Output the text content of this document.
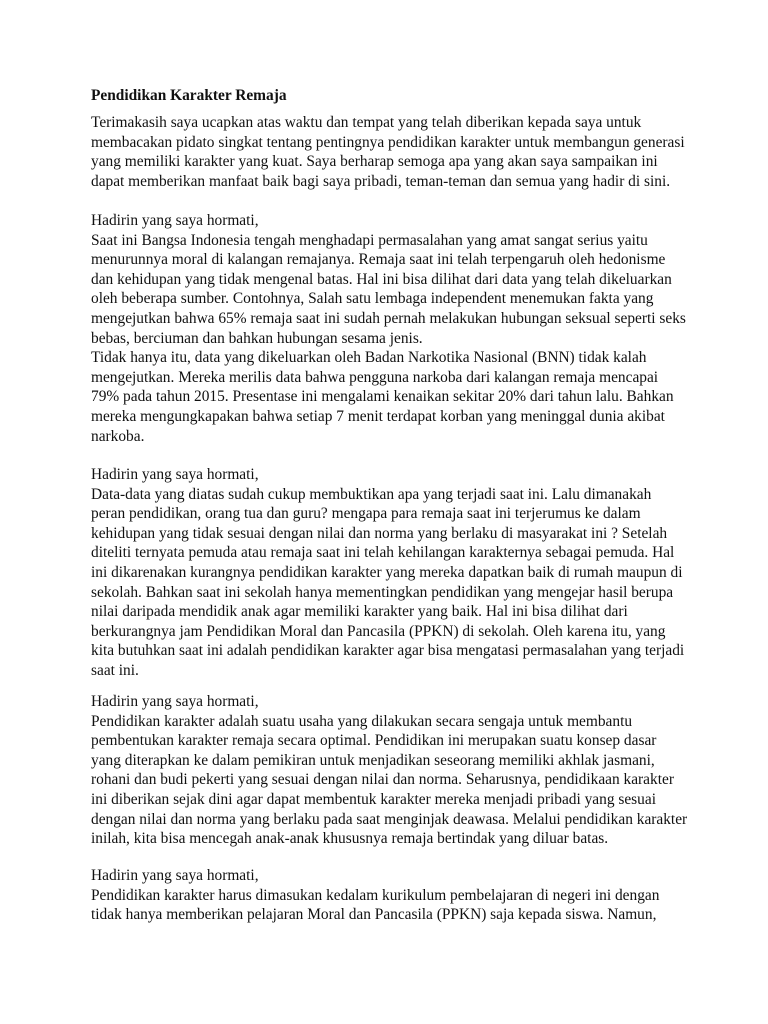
Pendidikan Karakter Remaja

Terimakasih saya ucapkan atas waktu dan tempat yang telah diberikan kepada saya untuk
membacakan pidato singkat tentang pentingnya pendidikan karakter untuk membangun generasi
yang memiliki karakter yang kuat. Saya berharap semoga apa yang akan saya sampaikan ini
dapat memberikan manfaat baik bagi saya pribadi, teman-teman dan semua yang hadir di sini.

Hadirin yang saya hormati,
Saat ini Bangsa Indonesia tengah menghadapi permasalahan yang amat sangat serius yaitu
menurunnya moral di kalangan remajanya. Remaja saat ini telah terpengaruh oleh hedonisme
dan kehidupan yang tidak mengenal batas. Hal ini bisa dilihat dari data yang telah dikeluarkan
oleh beberapa sumber. Contohnya, Salah satu lembaga independent menemukan fakta yang
mengejutkan bahwa 65% remaja saat ini sudah pernah melakukan hubungan seksual seperti seks
bebas, berciuman dan bahkan hubungan sesama jenis.
Tidak hanya itu, data yang dikeluarkan oleh Badan Narkotika Nasional (BNN) tidak kalah
mengejutkan. Mereka merilis data bahwa pengguna narkoba dari kalangan remaja mencapai
79% pada tahun 2015. Presentase ini mengalami kenaikan sekitar 20% dari tahun lalu. Bahkan
mereka mengungkapakan bahwa setiap 7 menit terdapat korban yang meninggal dunia akibat
narkoba.

Hadirin yang saya hormati,
Data-data yang diatas sudah cukup membuktikan apa yang terjadi saat ini. Lalu dimanakah
peran pendidikan, orang tua dan guru? mengapa para remaja saat ini terjerumus ke dalam
kehidupan yang tidak sesuai dengan nilai dan norma yang berlaku di masyarakat ini ? Setelah
diteliti ternyata pemuda atau remaja saat ini telah kehilangan karakternya sebagai pemuda. Hal
ini dikarenakan kurangnya pendidikan karakter yang mereka dapatkan baik di rumah maupun di
sekolah. Bahkan saat ini sekolah hanya mementingkan pendidikan yang mengejar hasil berupa
nilai daripada mendidik anak agar memiliki karakter yang baik. Hal ini bisa dilihat dari
berkurangnya jam Pendidikan Moral dan Pancasila (PPKN) di sekolah. Oleh karena itu, yang
kita butuhkan saat ini adalah pendidikan karakter agar bisa mengatasi permasalahan yang terjadi
saat ini.

Hadirin yang saya hormati,
Pendidikan karakter adalah suatu usaha yang dilakukan secara sengaja untuk membantu
pembentukan karakter remaja secara optimal. Pendidikan ini merupakan suatu konsep dasar
yang diterapkan ke dalam pemikiran untuk menjadikan seseorang memiliki akhlak jasmani,
rohani dan budi pekerti yang sesuai dengan nilai dan norma. Seharusnya, pendidikaan karakter
ini diberikan sejak dini agar dapat membentuk karakter mereka menjadi pribadi yang sesuai
dengan nilai dan norma yang berlaku pada saat menginjak deawasa. Melalui pendidikan karakter
inilah, kita bisa mencegah anak-anak khususnya remaja bertindak yang diluar batas.

Hadirin yang saya hormati,
Pendidikan karakter harus dimasukan kedalam kurikulum pembelajaran di negeri ini dengan
tidak hanya memberikan pelajaran Moral dan Pancasila (PPKN) saja kepada siswa. Namun,
